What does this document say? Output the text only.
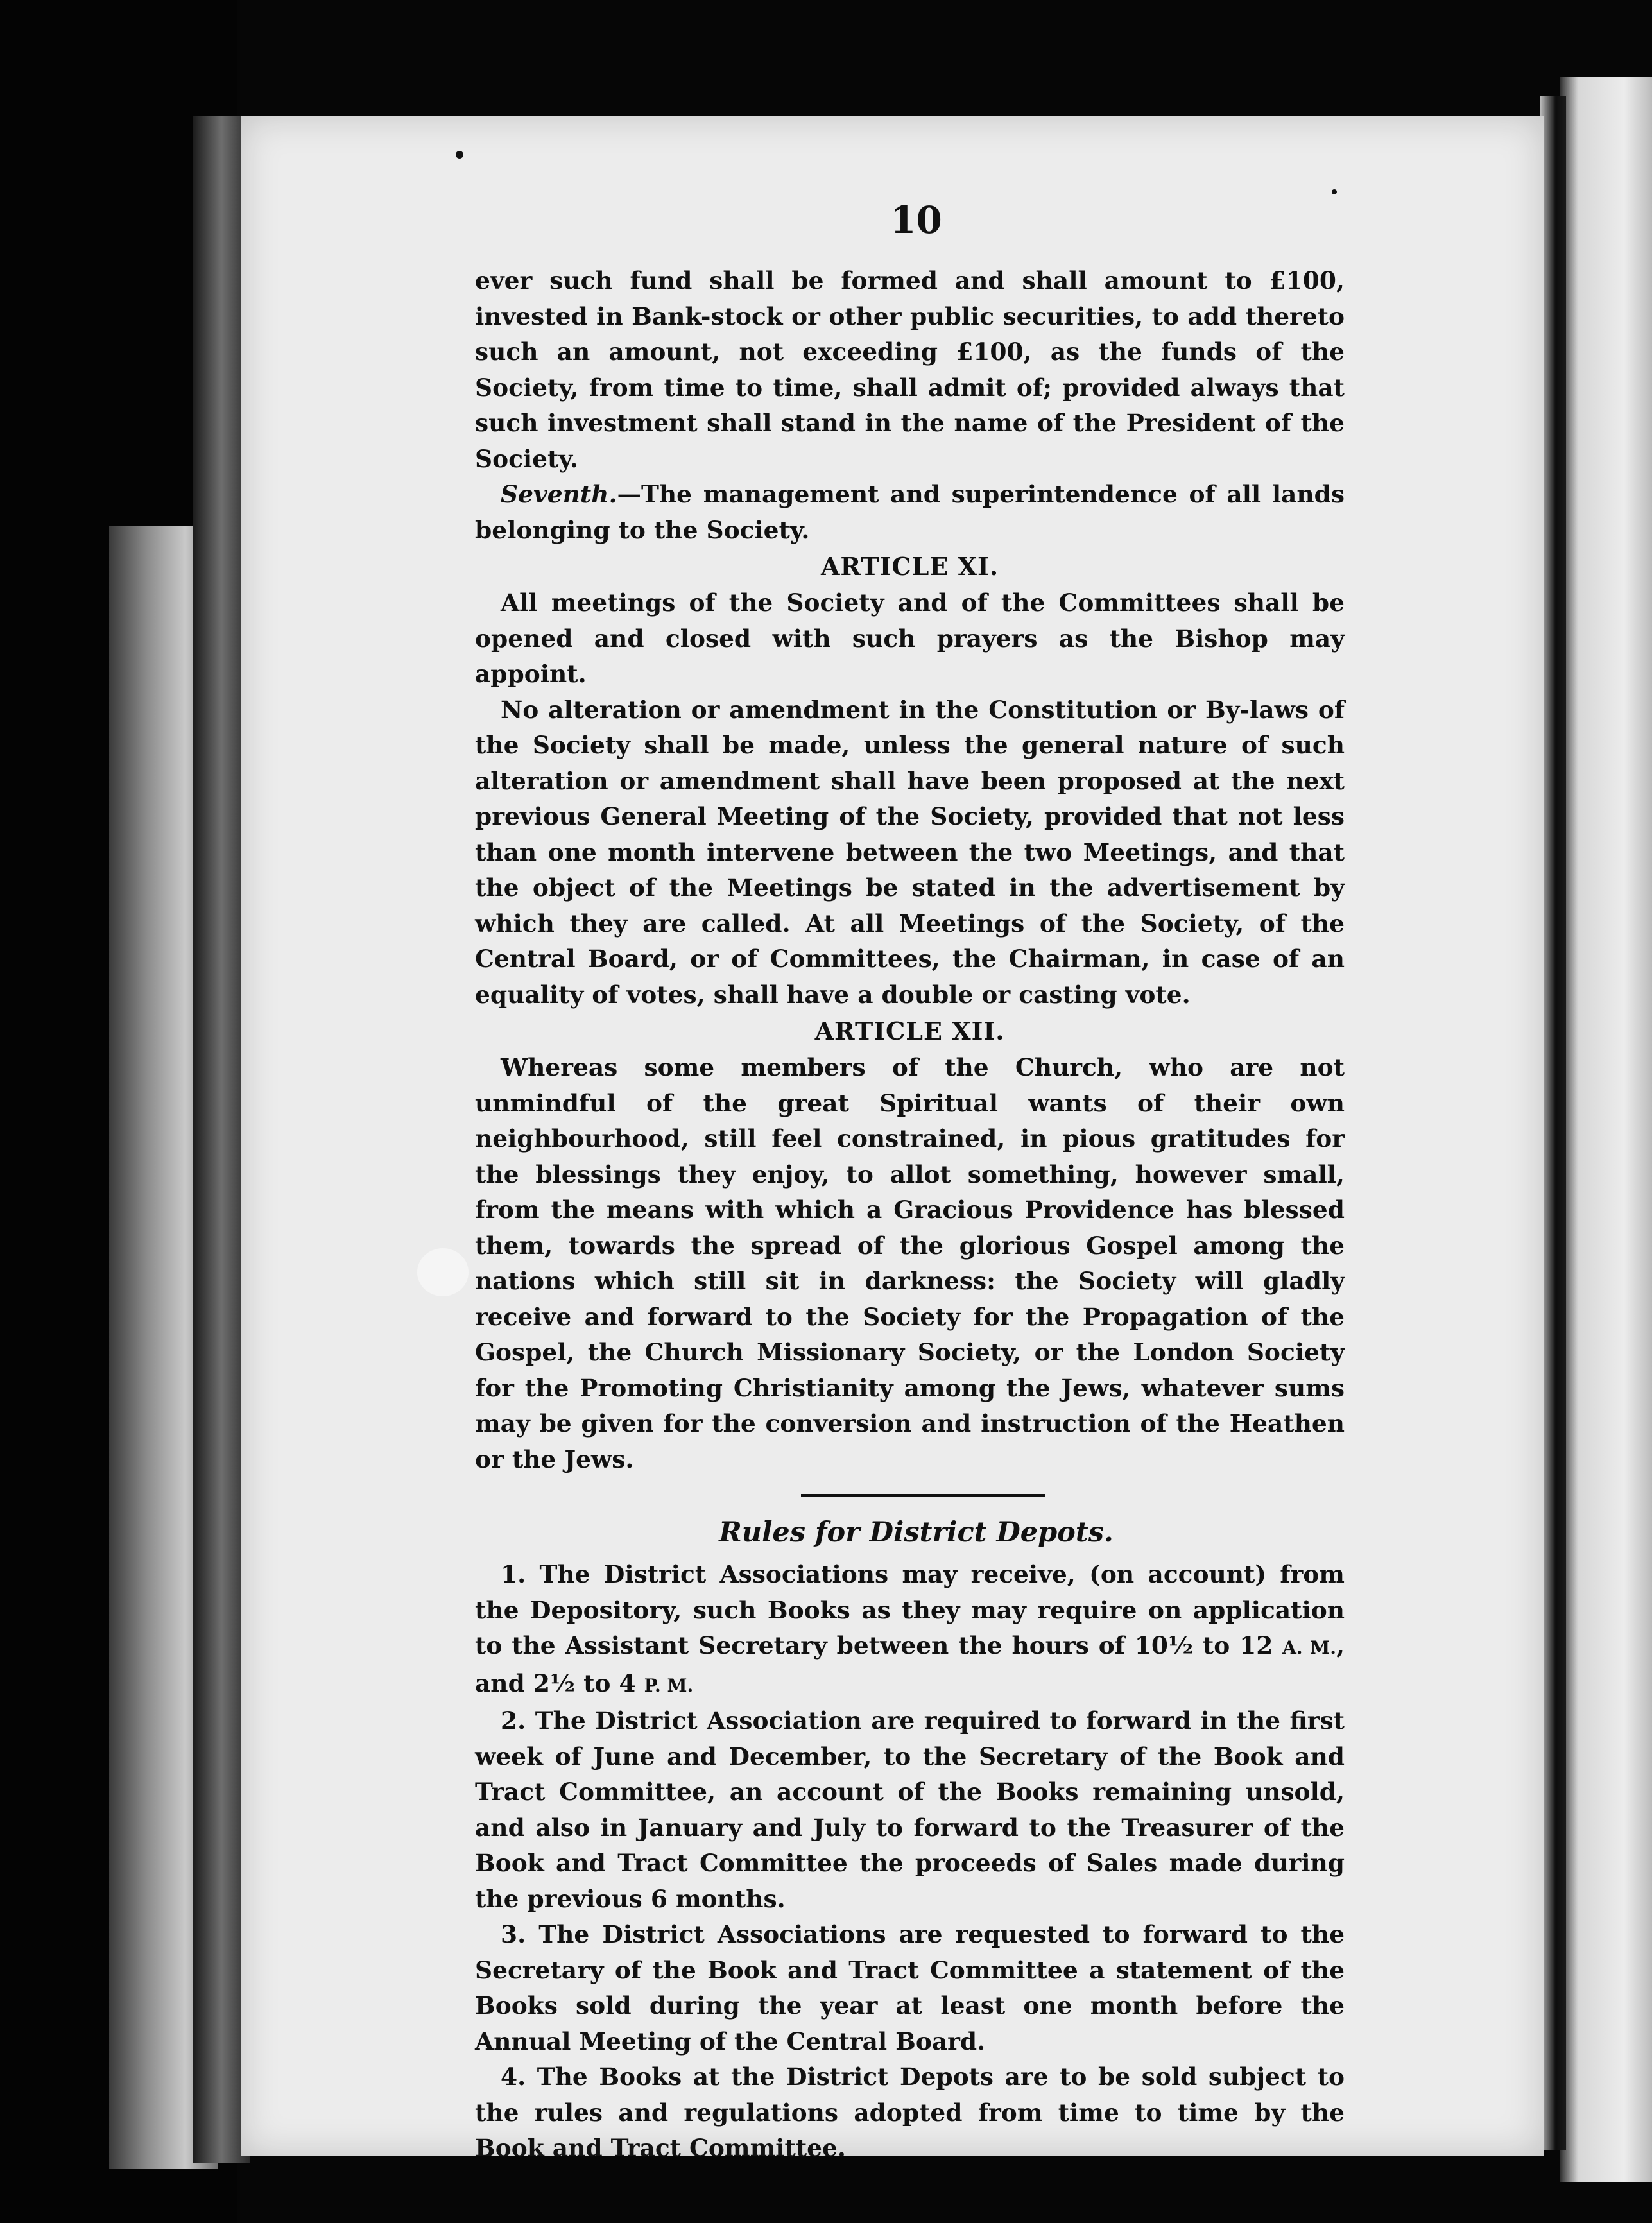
10

ever such fund shall be formed and shall amount to £100, invested in Bank-stock or other public securities, to add thereto such an amount, not exceeding £100, as the funds of the Society, from time to time, shall admit of; provided always that such investment shall stand in the name of the President of the Society.

Seventh.—The management and superintendence of all lands belonging to the Society.

ARTICLE XI.

All meetings of the Society and of the Committees shall be opened and closed with such prayers as the Bishop may appoint.

No alteration or amendment in the Constitution or By-laws of the Society shall be made, unless the general nature of such alteration or amendment shall have been proposed at the next previous General Meeting of the Society, provided that not less than one month intervene between the two Meetings, and that the object of the Meetings be stated in the advertisement by which they are called. At all Meetings of the Society, of the Central Board, or of Committees, the Chairman, in case of an equality of votes, shall have a double or casting vote.

ARTICLE XII.

Whereas some members of the Church, who are not unmindful of the great Spiritual wants of their own neighbourhood, still feel constrained, in pious gratitudes for the blessings they enjoy, to allot something, however small, from the means with which a Gracious Providence has blessed them, towards the spread of the glorious Gospel among the nations which still sit in darkness: the Society will gladly receive and forward to the Society for the Propagation of the Gospel, the Church Missionary Society, or the London Society for the Promoting Christianity among the Jews, whatever sums may be given for the conversion and instruction of the Heathen or the Jews.

Rules for District Depots.

1. The District Associations may receive, (on account) from the Depository, such Books as they may require on application to the Assistant Secretary between the hours of 10½ to 12 A. M., and 2½ to 4 P. M.

2. The District Association are required to forward in the first week of June and December, to the Secretary of the Book and Tract Committee, an account of the Books remaining unsold, and also in January and July to forward to the Treasurer of the Book and Tract Committee the proceeds of Sales made during the previous 6 months.

3. The District Associations are requested to forward to the Secretary of the Book and Tract Committee a statement of the Books sold during the year at least one month before the Annual Meeting of the Central Board.

4. The Books at the District Depots are to be sold subject to the rules and regulations adopted from time to time by the Book and Tract Committee.
